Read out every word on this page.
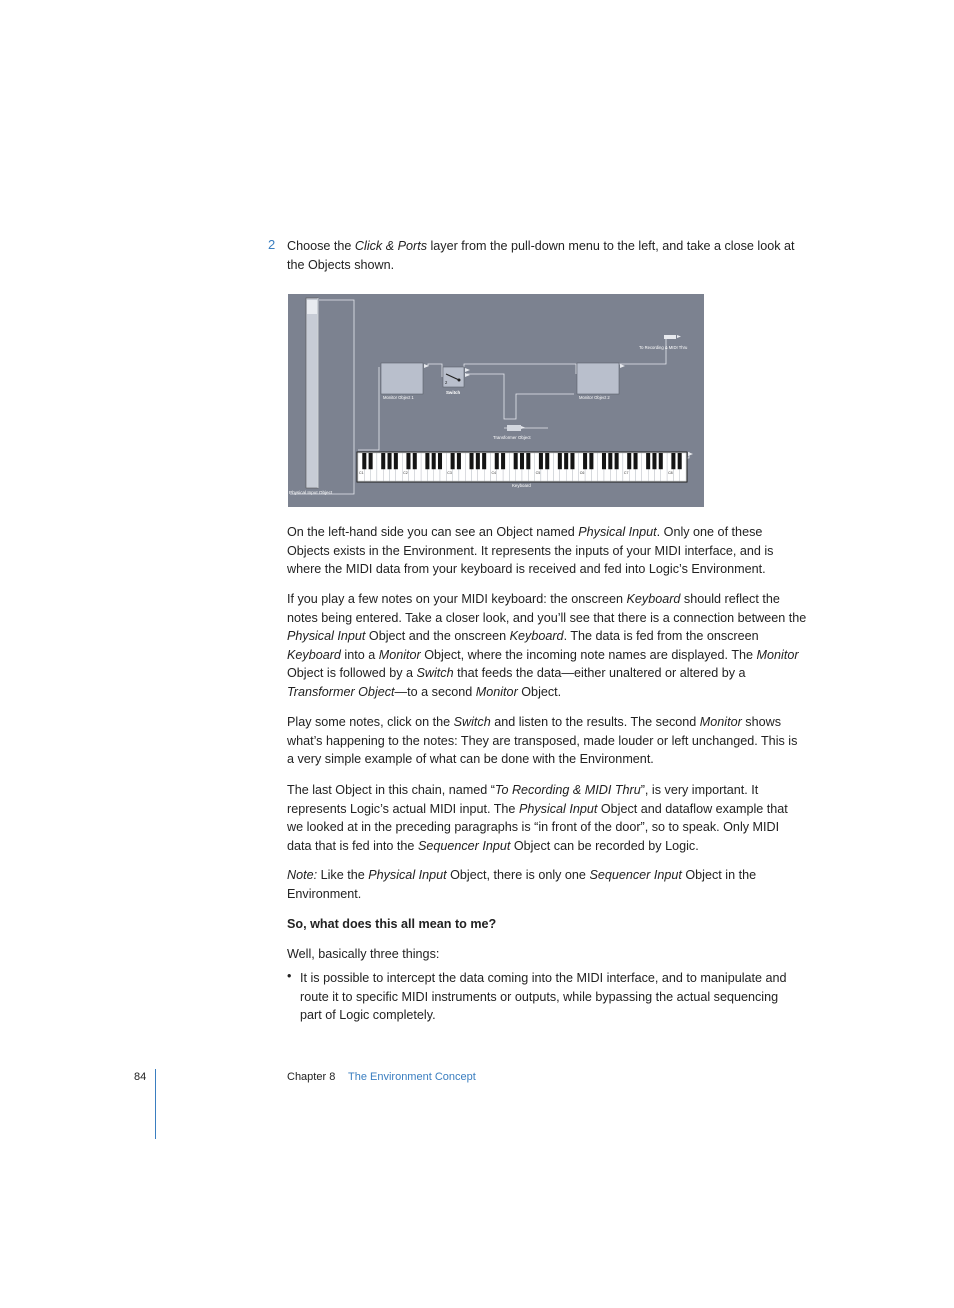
2 Choose the Click & Ports layer from the pull-down menu to the left, and take a close look at the Objects shown.

Physical Input Object
Monitor Object 1
2
Switch
Monitor Object 2
Transformer Object
To Recording & MIDI Thru
C1	C2	C3	C4	C5	C6	C7	C8
Keyboard

On the left-hand side you can see an Object named Physical Input. Only one of these Objects exists in the Environment. It represents the inputs of your MIDI interface, and is where the MIDI data from your keyboard is received and fed into Logic’s Environment.

If you play a few notes on your MIDI keyboard: the onscreen Keyboard should reflect the notes being entered. Take a closer look, and you’ll see that there is a connection between the Physical Input Object and the onscreen Keyboard. The data is fed from the onscreen Keyboard into a Monitor Object, where the incoming note names are displayed. The Monitor Object is followed by a Switch that feeds the data—either unaltered or altered by a Transformer Object—to a second Monitor Object.

Play some notes, click on the Switch and listen to the results. The second Monitor shows what’s happening to the notes: They are transposed, made louder or left unchanged. This is a very simple example of what can be done with the Environment.

The last Object in this chain, named “To Recording & MIDI Thru”, is very important. It represents Logic’s actual MIDI input. The Physical Input Object and dataflow example that we looked at in the preceding paragraphs is “in front of the door”, so to speak. Only MIDI data that is fed into the Sequencer Input Object can be recorded by Logic.

Note: Like the Physical Input Object, there is only one Sequencer Input Object in the Environment.

So, what does this all mean to me?

Well, basically three things:

• It is possible to intercept the data coming into the MIDI interface, and to manipulate and route it to specific MIDI instruments or outputs, while bypassing the actual sequencing part of Logic completely.

84	Chapter 8 The Environment Concept
